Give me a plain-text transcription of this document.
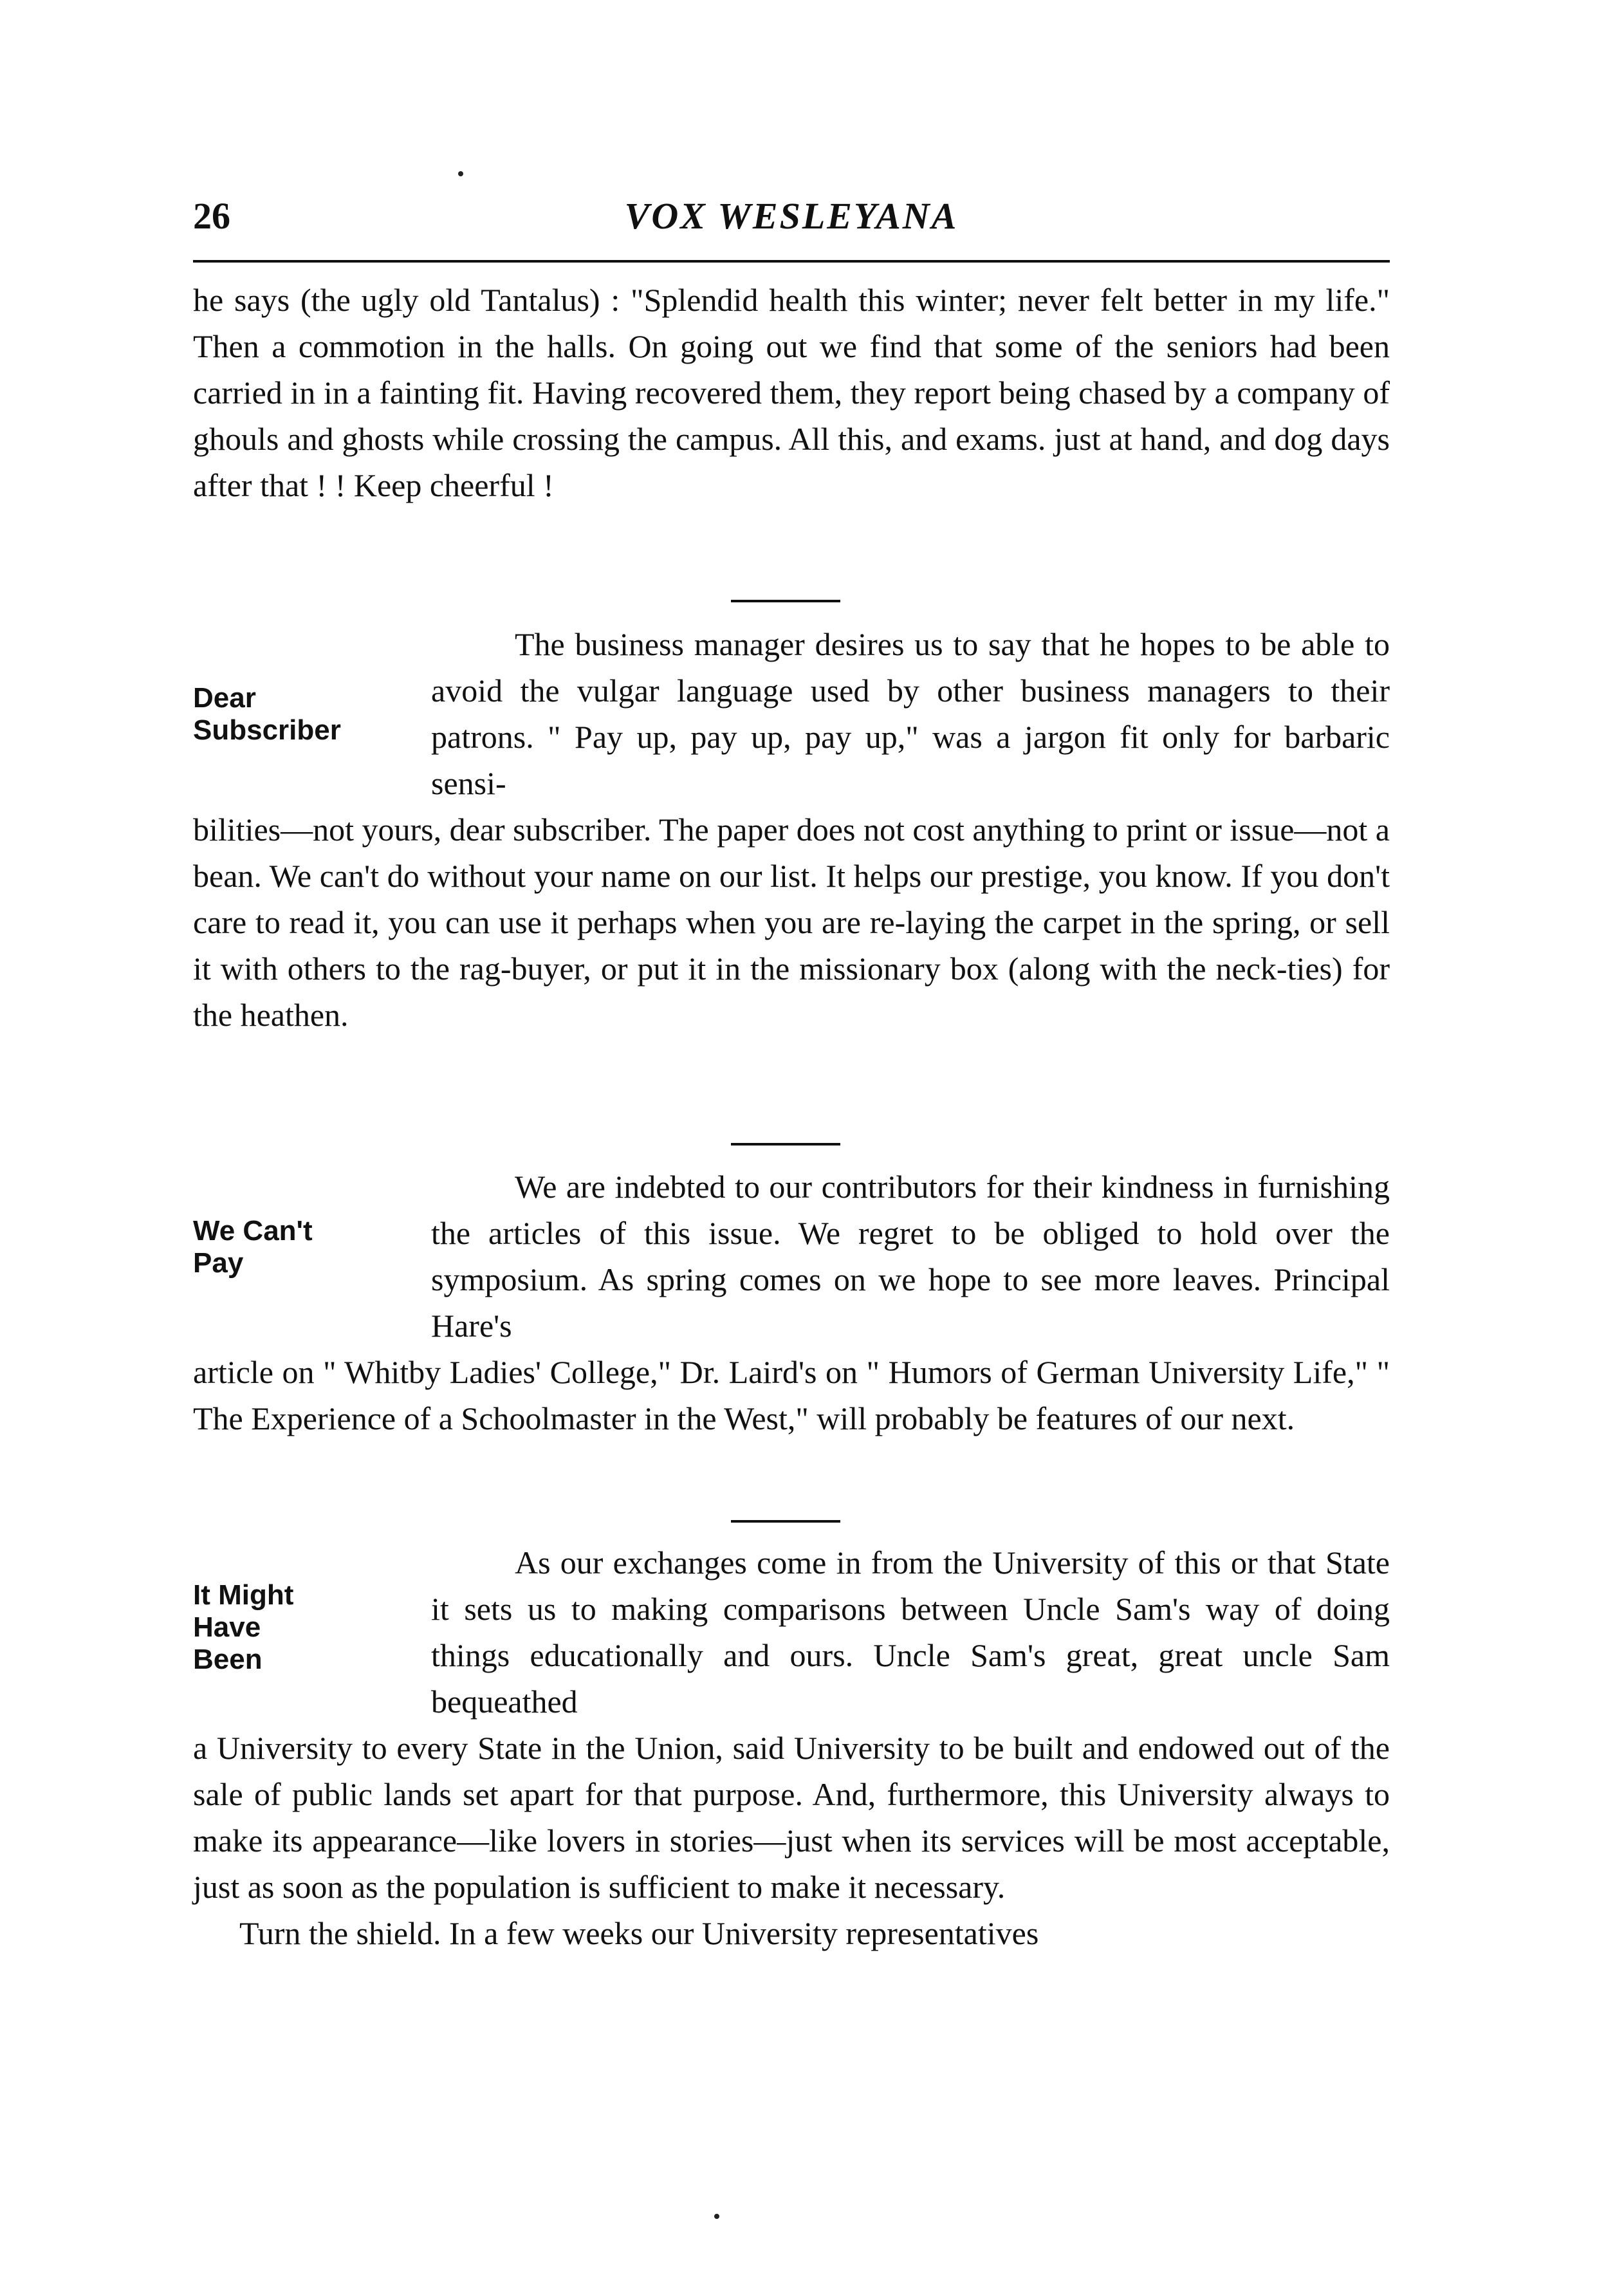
26	VOX WESLEYANA

he says (the ugly old Tantalus) : "Splendid health this winter; never felt better in my life." Then a commotion in the halls. On going out we find that some of the seniors had been carried in in a fainting fit. Having recovered them, they report being chased by a company of ghouls and ghosts while crossing the campus. All this, and exams. just at hand, and dog days after that ! ! Keep cheerful !

Dear
Subscriber

The business manager desires us to say that he hopes to be able to avoid the vulgar language used by other business managers to their patrons. " Pay up, pay up, pay up," was a jargon fit only for barbaric sensi-

bilities—not yours, dear subscriber. The paper does not cost anything to print or issue—not a bean. We can't do without your name on our list. It helps our prestige, you know. If you don't care to read it, you can use it perhaps when you are re-laying the carpet in the spring, or sell it with others to the rag-buyer, or put it in the missionary box (along with the neck-ties) for the heathen.

We Can't
Pay

We are indebted to our contributors for their kindness in furnishing the articles of this issue. We regret to be obliged to hold over the symposium. As spring comes on we hope to see more leaves. Principal Hare's

article on " Whitby Ladies' College," Dr. Laird's on " Humors of German University Life," " The Experience of a Schoolmaster in the West," will probably be features of our next.

It Might
Have
Been

As our exchanges come in from the University of this or that State it sets us to making comparisons between Uncle Sam's way of doing things educationally and ours. Uncle Sam's great, great uncle Sam bequeathed

a University to every State in the Union, said University to be built and endowed out of the sale of public lands set apart for that purpose. And, furthermore, this University always to make its appearance—like lovers in stories—just when its services will be most acceptable, just as soon as the population is sufficient to make it necessary.

Turn the shield. In a few weeks our University representatives
